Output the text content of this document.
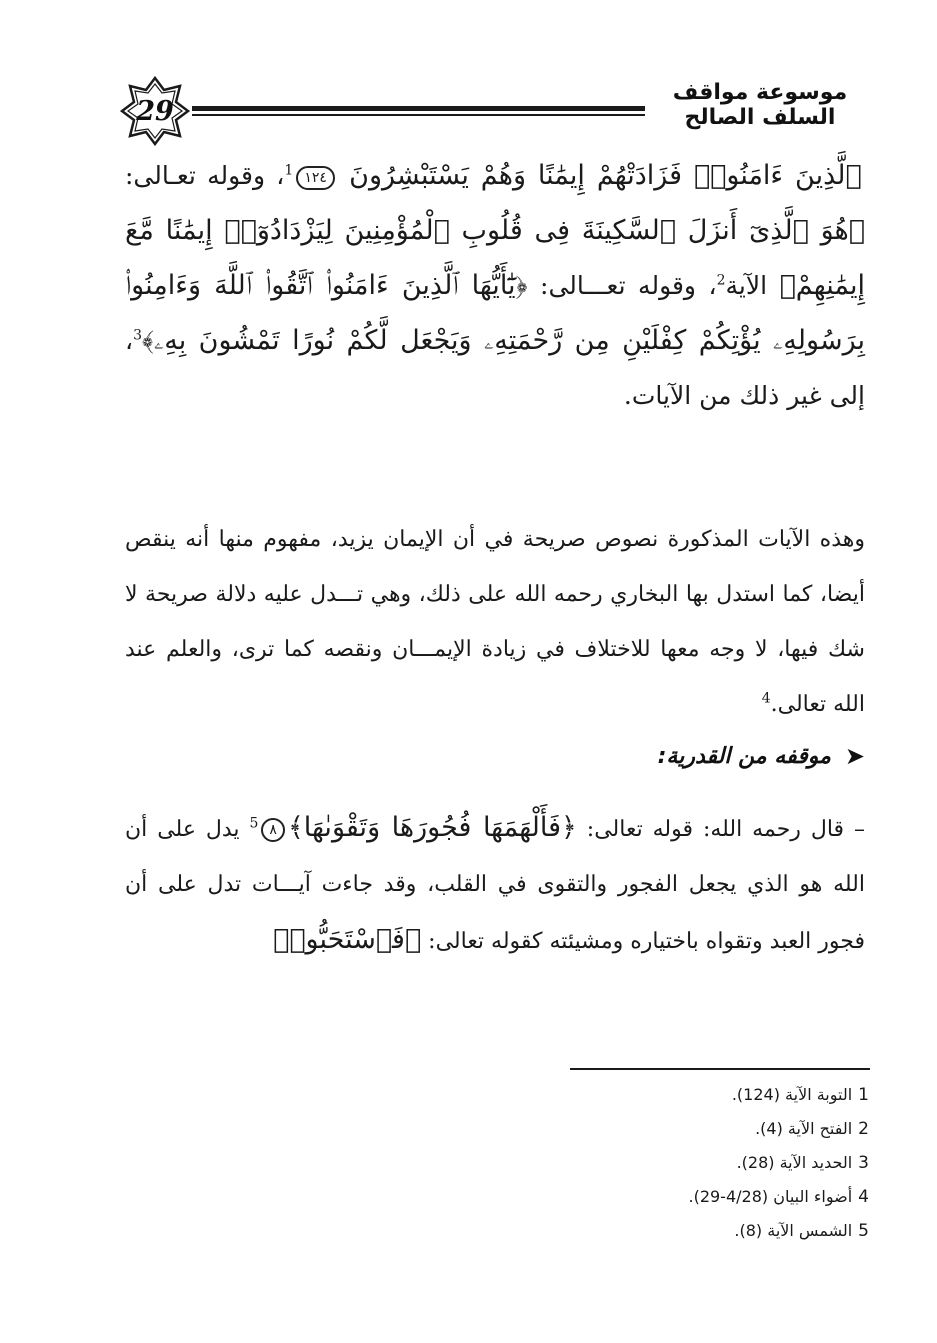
29
موسوعة مواقف السلف الصالح
ٱلَّذِينَ ءَامَنُوا۟ فَزَادَتْهُمْ إِيمَٰنًا وَهُمْ يَسْتَبْشِرُونَ $١٢٤^1،$ وقوله تعـالى: ﴿هُوَ ٱلَّذِىٓ أَنزَلَ ٱلسَّكِينَةَ فِى قُلُوبِ ٱلْمُؤْمِنِينَ لِيَزْدَادُوٓا۟ إِيمَٰنًا مَّعَ إِيمَٰنِهِمْ﴾ الآية$^2$، وقوله تعـــالى: ﴿يَٰٓأَيُّهَا ٱلَّذِينَ ءَامَنُوا۟ ٱتَّقُوا۟ ٱللَّهَ وَءَامِنُوا۟ بِرَسُولِهِۦ يُؤْتِكُمْ كِفْلَيْنِ مِن رَّحْمَتِهِۦ وَيَجْعَل لَّكُمْ نُورًا تَمْشُونَ بِهِۦ﴾$^3$، إلى غير ذلك من الآيات.
وهذه الآيات المذكورة نصوص صريحة في أن الإيمان يزيد، مفهوم منها أنه ينقص أيضا، كما استدل بها البخاري رحمه الله على ذلك، وهي تـــدل عليه دلالة صريحة لا شك فيها، لا وجه معها للاختلاف في زيادة الإيمـــان ونقصه كما ترى، والعلم عند الله تعالى.$^4$
➤
موقفه من القدرية:
– قال رحمه الله: قوله تعالى: ﴿فَأَلْهَمَهَا فُجُورَهَا $وَتَقْوَىٰهَا﴾٨^5$ يدل على أن الله هو الذي يجعل الفجور والتقوى في القلب، وقد جاءت آيـــات تدل على أن فجور العبد وتقواه باختياره ومشيئته كقوله تعالى: ﴿فَٱسْتَحَبُّوا۟
1التوبة الآية (124).
2الفتح الآية (4).
3الحديد الآية (28).
4أضواء البيان (4/28-29).
5الشمس الآية (8).
